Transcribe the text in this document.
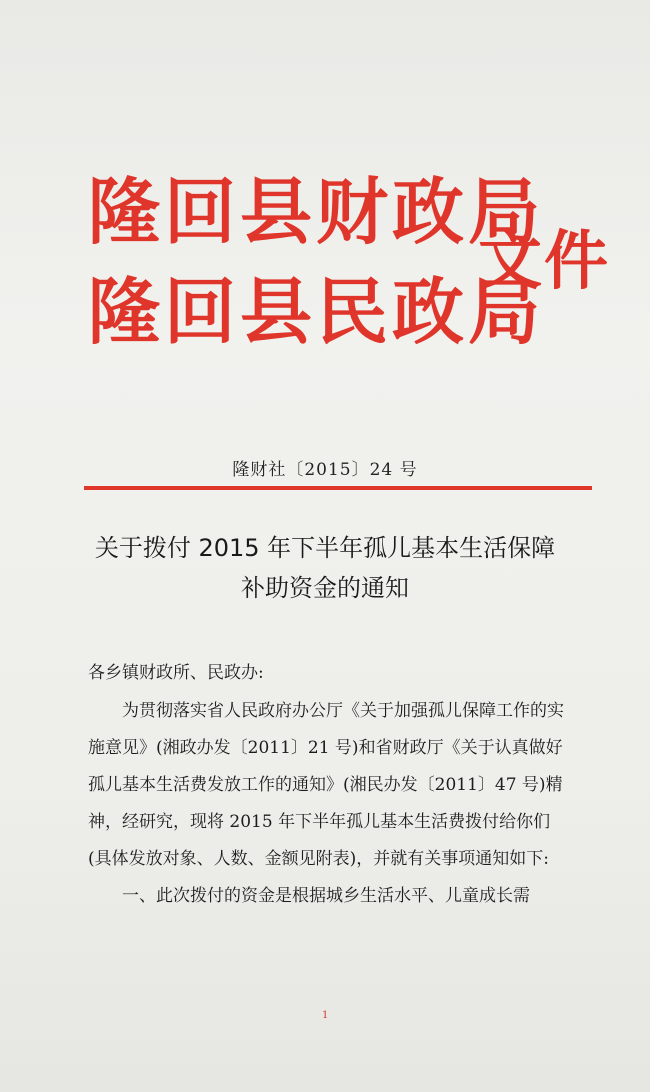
隆回县财政局
隆回县民政局
文件
隆财社〔2015〕24 号
关于拨付 2015 年下半年孤儿基本生活保障
补助资金的通知

各乡镇财政所、民政办:

为贯彻落实省人民政府办公厅《关于加强孤儿保障工作的实施意见》(湘政办发〔2011〕21 号)和省财政厅《关于认真做好孤儿基本生活费发放工作的通知》(湘民办发〔2011〕47 号)精神，经研究，现将 2015 年下半年孤儿基本生活费拨付给你们 (具体发放对象、人数、金额见附表)，并就有关事项通知如下:

一、此次拨付的资金是根据城乡生活水平、儿童成长需

1
